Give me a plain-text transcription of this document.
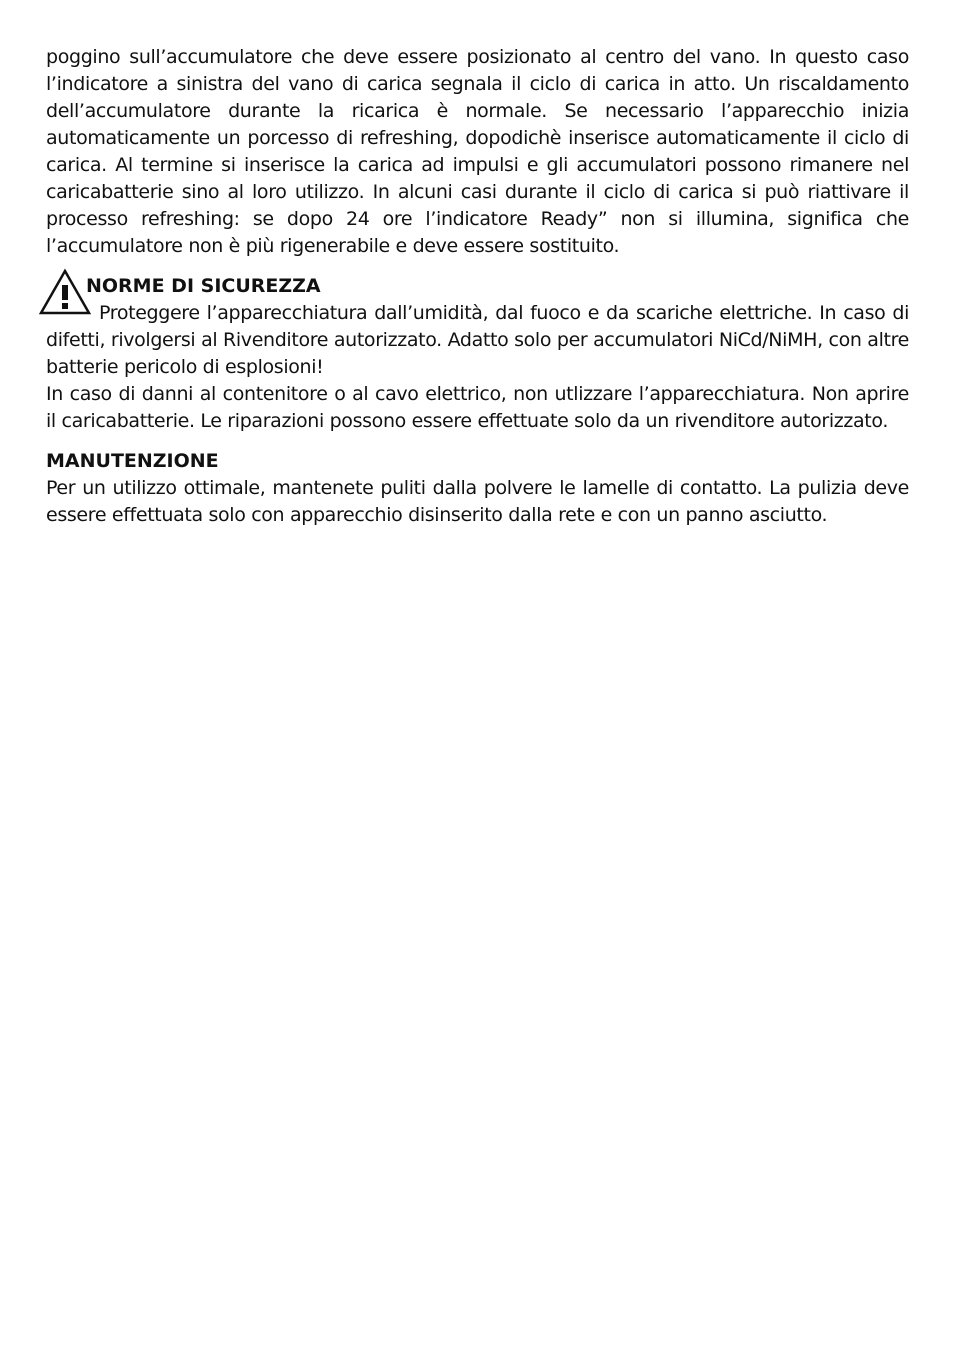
poggino sull’accumulatore che deve essere posizionato al centro del vano. In questo caso l’indicatore a sinistra del vano di carica segnala il ciclo di carica in atto. Un riscaldamento dell’accumulatore durante la ricarica è normale. Se necessario l’apparecchio inizia automaticamente un porcesso di refreshing, dopodichè inserisce automaticamente il ciclo di carica. Al termine si inserisce la carica ad impulsi e gli accumulatori possono rimanere nel caricabatterie sino al loro utilizzo. In alcuni casi durante il ciclo di carica si può riattivare il processo refreshing: se dopo 24 ore l’indicatore Ready” non si illumina, significa che l’accumulatore non è più rigenerabile e deve essere sostituito.

NORME DI SICUREZZA

Proteggere l’apparecchiatura dall’umidità, dal fuoco e da scariche elettriche. In caso di difetti, rivolgersi al Rivenditore autorizzato. Adatto solo per accumulatori NiCd/NiMH, con altre batterie pericolo di esplosioni!

In caso di danni al contenitore o al cavo elettrico, non utlizzare l’apparecchiatura. Non aprire il caricabatterie. Le riparazioni possono essere effettuate solo da un rivenditore autorizzato.

MANUTENZIONE

Per un utilizzo ottimale, mantenete puliti dalla polvere le lamelle di contatto. La pulizia deve essere effettuata solo con apparecchio disinserito dalla rete e con un panno asciutto.
